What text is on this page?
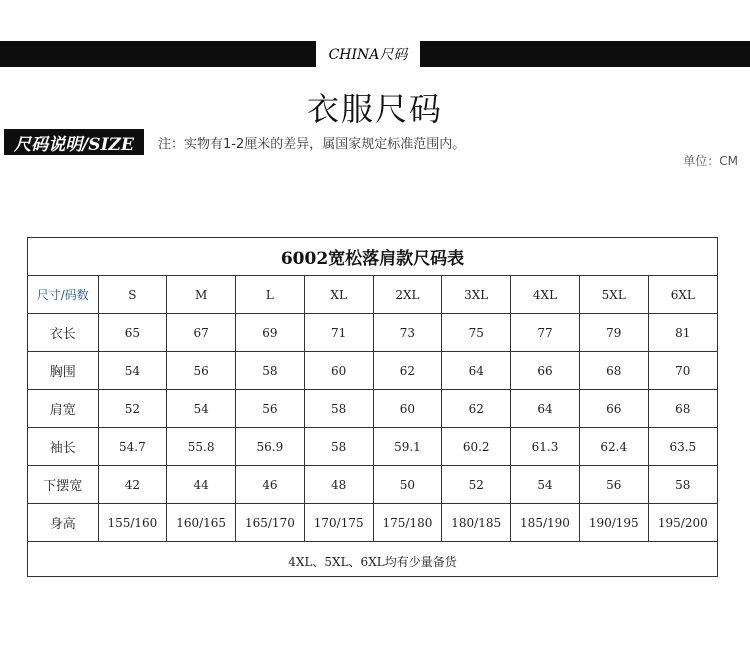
CHINA尺码
衣服尺码
尺码说明/SIZE	注：实物有1-2厘米的差异，属国家规定标准范围内。
单位：CM
6002宽松落肩款尺码表									
尺寸/码数	S	M	L	XL	2XL	3XL	4XL	5XL	6XL
衣长	65	67	69	71	73	75	77	79	81
胸围	54	56	58	60	62	64	66	68	70
肩宽	52	54	56	58	60	62	64	66	68
袖长	54.7	55.8	56.9	58	59.1	60.2	61.3	62.4	63.5
下摆宽	42	44	46	48	50	52	54	56	58
身高	155/160	160/165	165/170	170/175	175/180	180/185	185/190	190/195	195/200
4XL、5XL、6XL均有少量备货									
